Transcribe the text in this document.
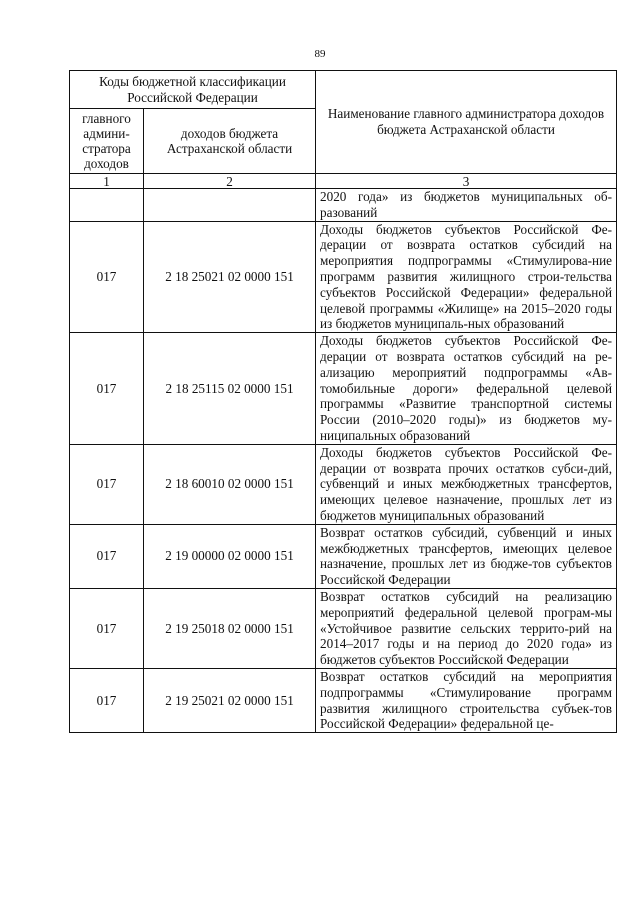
89
Коды бюджетной классификации Российской Федерации		Наименование главного администратора доходов бюджета Астраханской области
главного
админи-
стратора
доходов	доходов бюджета Астраханской области	
1	2	3
		2020 года» из бюджетов муниципальных об-разований
017	2 18 25021 02 0000 151	Доходы бюджетов субъектов Российской Фе-дерации от возврата остатков субсидий на мероприятия подпрограммы «Стимулирова-ние программ развития жилищного строи-тельства субъектов Российской Федерации» федеральной целевой программы «Жилище» на 2015–2020 годы из бюджетов муниципаль-ных образований
017	2 18 25115 02 0000 151	Доходы бюджетов субъектов Российской Фе-дерации от возврата остатков субсидий на ре-ализацию мероприятий подпрограммы «Ав-томобильные дороги» федеральной целевой программы «Развитие транспортной системы России (2010–2020 годы)» из бюджетов му-ниципальных образований
017	2 18 60010 02 0000 151	Доходы бюджетов субъектов Российской Фе-дерации от возврата прочих остатков субси-дий, субвенций и иных межбюджетных трансфертов, имеющих целевое назначение, прошлых лет из бюджетов муниципальных образований
017	2 19 00000 02 0000 151	Возврат остатков субсидий, субвенций и иных межбюджетных трансфертов, имеющих целевое назначение, прошлых лет из бюдже-тов субъектов Российской Федерации
017	2 19 25018 02 0000 151	Возврат остатков субсидий на реализацию мероприятий федеральной целевой програм-мы «Устойчивое развитие сельских террито-рий на 2014–2017 годы и на период до 2020 года» из бюджетов субъектов Российской Федерации
017	2 19 25021 02 0000 151	Возврат остатков субсидий на мероприятия подпрограммы «Стимулирование программ развития жилищного строительства субъек-тов Российской Федерации» федеральной це-
